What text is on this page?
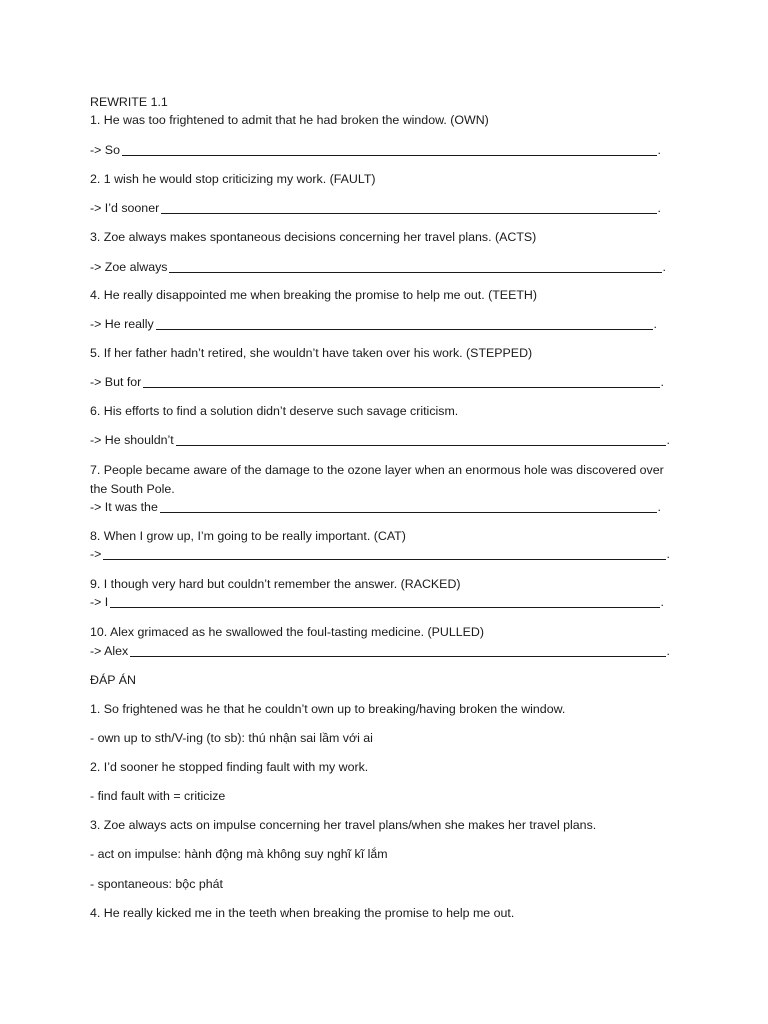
REWRITE 1.1
1. He was too frightened to admit that he had broken the window. (OWN)
-> So	.
2. 1 wish he would stop criticizing my work. (FAULT)
-> I’d sooner	.
3. Zoe always makes spontaneous decisions concerning her travel plans. (ACTS)
-> Zoe always	.
4. He really disappointed me when breaking the promise to help me out. (TEETH)
-> He really	.
5. If her father hadn’t retired, she wouldn’t have taken over his work. (STEPPED)
-> But for	.
6. His efforts to find a solution didn’t deserve such savage criticism.
-> He shouldn’t	.
7. People became aware of the damage to the ozone layer when an enormous hole was discovered over
the South Pole.
-> It was the	.
8. When I grow up, I’m going to be really important. (CAT)
->	.
9. I though very hard but couldn’t remember the answer. (RACKED)
-> I	.
10. Alex grimaced as he swallowed the foul-tasting medicine. (PULLED)
-> Alex	.
ĐÁP ÁN
1. So frightened was he that he couldn’t own up to breaking/having broken the window.
- own up to sth/V-ing (to sb): thú nhận sai lầm với ai
2. I’d sooner he stopped finding fault with my work.
- find fault with = criticize
3. Zoe always acts on impulse concerning her travel plans/when she makes her travel plans.
- act on impulse: hành động mà không suy nghĩ kĩ lắm
- spontaneous: bộc phát
4. He really kicked me in the teeth when breaking the promise to help me out.
